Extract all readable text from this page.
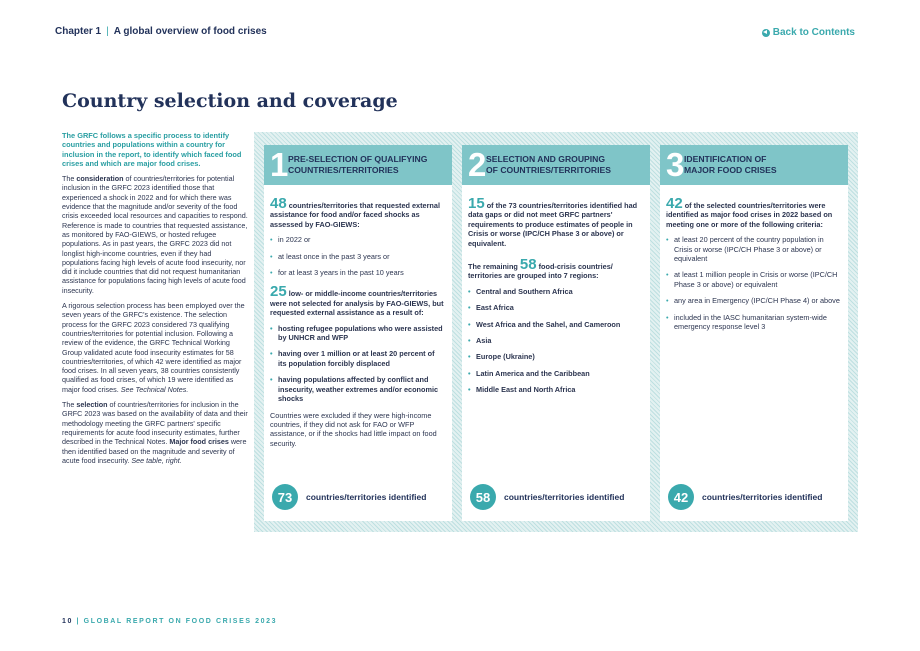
Chapter 1 | A global overview of food crises	Back to Contents
Country selection and coverage

The GRFC follows a specific process to identify countries and populations within a country for inclusion in the report, to identify which faced food crises and which are major food crises.

The consideration of countries/territories for potential inclusion in the GRFC 2023 identified those that experienced a shock in 2022 and for which there was evidence that the magnitude and/or severity of the food crisis exceeded local resources and capacities to respond. Reference is made to countries that requested assistance, as monitored by FAO-GIEWS, or hosted refugee populations. As in past years, the GRFC 2023 did not longlist high-income countries, even if they had populations facing high levels of acute food insecurity, nor did it include countries that did not request humanitarian assistance for populations facing high levels of acute food insecurity.

A rigorous selection process has been employed over the seven years of the GRFC's existence. The selection process for the GRFC 2023 considered 73 qualifying countries/territories for potential inclusion. Following a review of the evidence, the GRFC Technical Working Group validated acute food insecurity estimates for 58 countries/territories, of which 42 were identified as major food crises. In all seven years, 38 countries consistently qualified as food crises, of which 19 were identified as major food crises. See Technical Notes.

The selection of countries/territories for inclusion in the GRFC 2023 was based on the availability of data and their methodology meeting the GRFC partners' specific requirements for acute food insecurity estimates, further described in the Technical Notes. Major food crises were then identified based on the magnitude and severity of acute food insecurity. See table, right.

1 PRE-SELECTION OF QUALIFYING
COUNTRIES/TERRITORIES

48 countries/territories that requested external assistance for food and/or faced shocks as assessed by FAO-GIEWS:

• in 2022 or
• at least once in the past 3 years or
• for at least 3 years in the past 10 years

25 low- or middle-income countries/territories were not selected for analysis by FAO-GIEWS, but requested external assistance as a result of:

• hosting refugee populations who were assisted by UNHCR and WFP
• having over 1 million or at least 20 percent of its population forcibly displaced
• having populations affected by conflict and insecurity, weather extremes and/or economic shocks

Countries were excluded if they were high-income countries, if they did not ask for FAO or WFP assistance, or if the shocks had little impact on food security.

73	countries/territories identified
2 SELECTION AND GROUPING
OF COUNTRIES/TERRITORIES

15 of the 73 countries/territories identified had data gaps or did not meet GRFC partners' requirements to produce estimates of people in Crisis or worse (IPC/CH Phase 3 or above) or equivalent.

The remaining 58 food-crisis countries/ territories are grouped into 7 regions:

• Central and Southern Africa
• East Africa
• West Africa and the Sahel, and Cameroon
• Asia
• Europe (Ukraine)
• Latin America and the Caribbean
• Middle East and North Africa
58	countries/territories identified
3 IDENTIFICATION OF
MAJOR FOOD CRISES

42 of the selected countries/territories were identified as major food crises in 2022 based on meeting one or more of the following criteria:

• at least 20 percent of the country population in Crisis or worse (IPC/CH Phase 3 or above) or equivalent
• at least 1 million people in Crisis or worse (IPC/CH Phase 3 or above) or equivalent
• any area in Emergency (IPC/CH Phase 4) or above
• included in the IASC humanitarian system-wide emergency response level 3
42	countries/territories identified
10 | GLOBAL REPORT ON FOOD CRISES 2023
